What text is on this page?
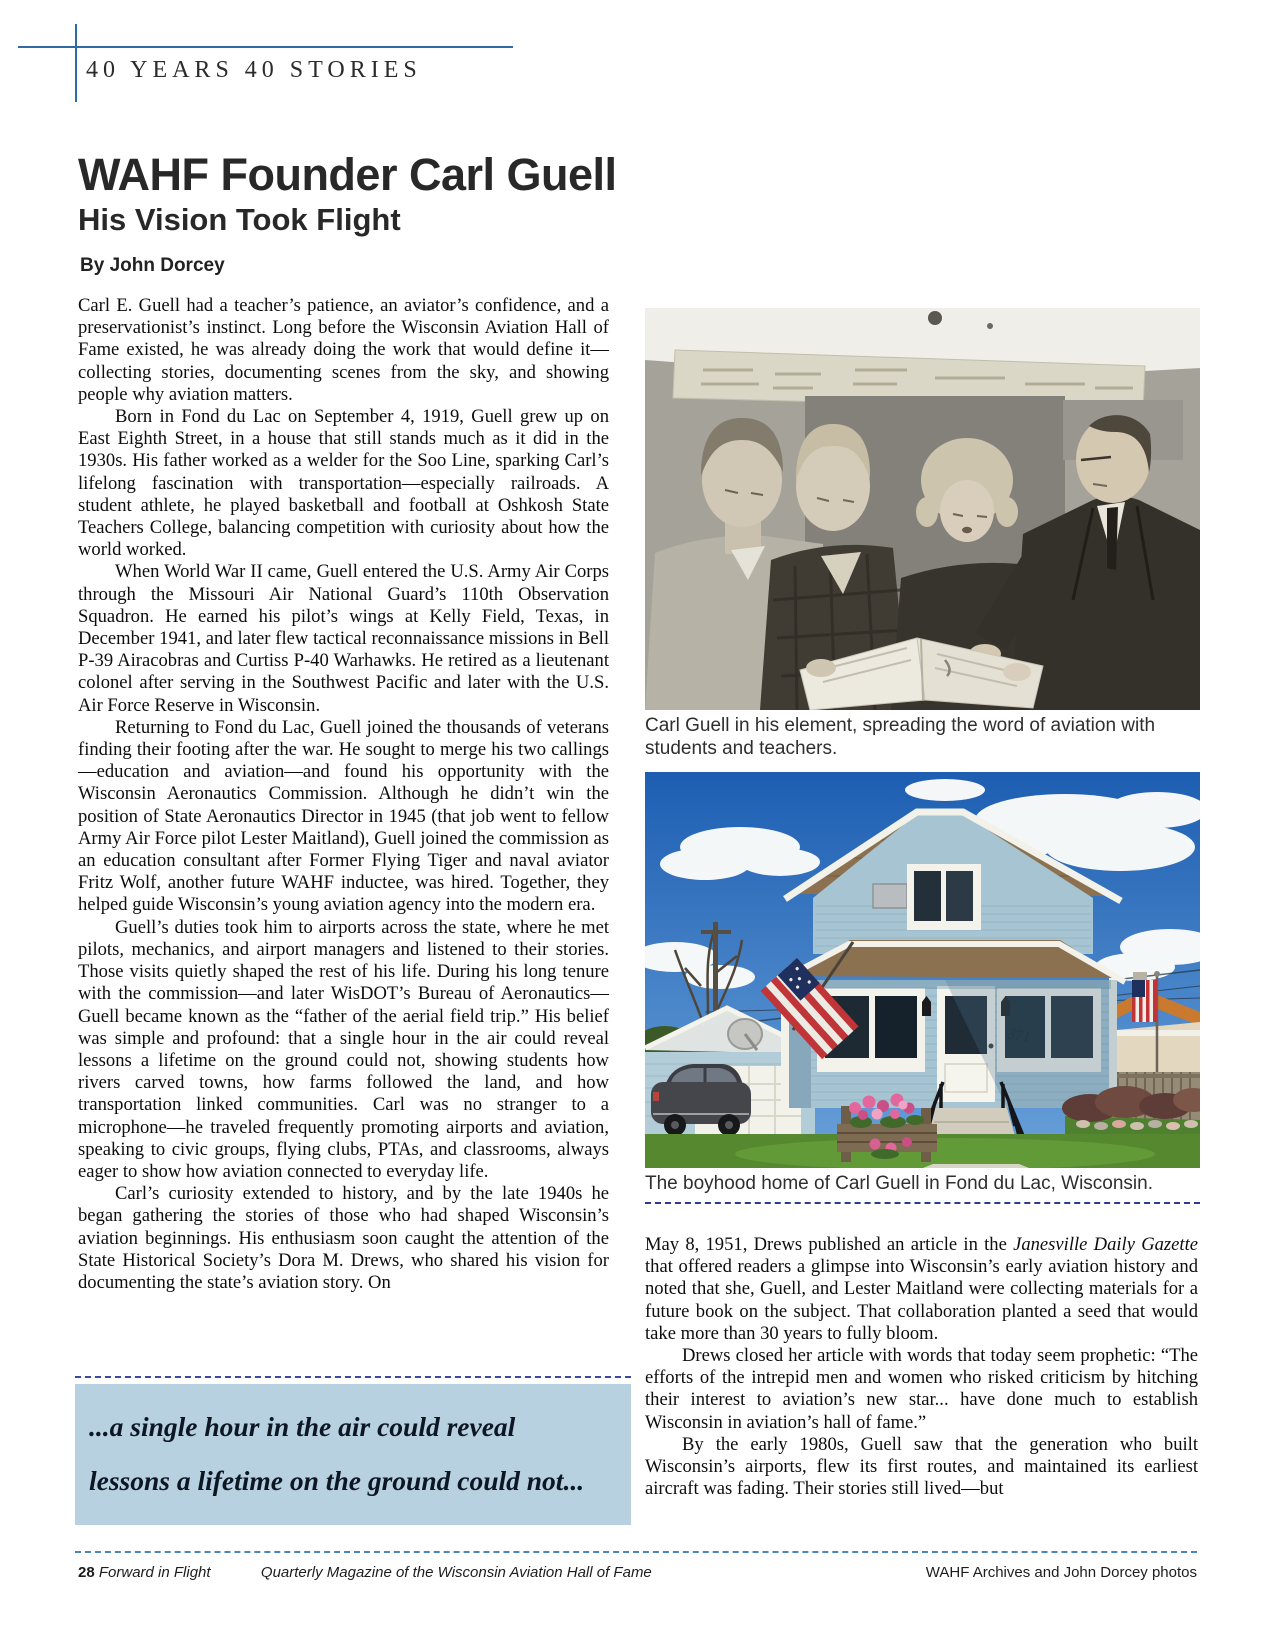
40 YEARS 40 STORIES
WAHF Founder Carl Guell
His Vision Took Flight
By John Dorcey

Carl E. Guell had a teacher’s patience, an aviator’s confidence, and a preservationist’s instinct. Long before the Wisconsin Aviation Hall of Fame existed, he was already doing the work that would define it—collecting stories, documenting scenes from the sky, and showing people why aviation matters.

Born in Fond du Lac on September 4, 1919, Guell grew up on East Eighth Street, in a house that still stands much as it did in the 1930s. His father worked as a welder for the Soo Line, sparking Carl’s lifelong fascination with transportation—especially railroads. A student athlete, he played basketball and football at Oshkosh State Teachers College, balancing competition with curiosity about how the world worked.

When World War II came, Guell entered the U.S. Army Air Corps through the Missouri Air National Guard’s 110th Observation Squadron. He earned his pilot’s wings at Kelly Field, Texas, in December 1941, and later flew tactical reconnaissance missions in Bell P-39 Airacobras and Curtiss P-40 Warhawks. He retired as a lieutenant colonel after serving in the Southwest Pacific and later with the U.S. Air Force Reserve in Wisconsin.

Returning to Fond du Lac, Guell joined the thousands of veterans finding their footing after the war. He sought to merge his two callings—education and aviation—and found his opportunity with the Wisconsin Aeronautics Commission. Although he didn’t win the position of State Aeronautics Director in 1945 (that job went to fellow Army Air Force pilot Lester Maitland), Guell joined the commission as an education consultant after Former Flying Tiger and naval aviator Fritz Wolf, another future WAHF inductee, was hired. Together, they helped guide Wisconsin’s young aviation agency into the modern era.

Guell’s duties took him to airports across the state, where he met pilots, mechanics, and airport managers and listened to their stories. Those visits quietly shaped the rest of his life. During his long tenure with the commission—and later WisDOT’s Bureau of Aeronautics—Guell became known as the “father of the aerial field trip.” His belief was simple and profound: that a single hour in the air could reveal lessons a lifetime on the ground could not, showing students how rivers carved towns, how farms followed the land, and how transportation linked communities. Carl was no stranger to a microphone—he traveled frequently promoting airports and aviation, speaking to civic groups, flying clubs, PTAs, and classrooms, always eager to show how aviation connected to everyday life.

Carl’s curiosity extended to history, and by the late 1940s he began gathering the stories of those who had shaped Wisconsin’s aviation beginnings. His enthusiasm soon caught the attention of the State Historical Society’s Dora M. Drews, who shared his vision for documenting the state’s aviation story. On

...a single hour in the air could reveal
lessons a lifetime on the ground could not...
Carl Guell in his element, spreading the word of aviation with students and teachers.
371
The boyhood home of Carl Guell in Fond du Lac, Wisconsin.

May 8, 1951, Drews published an article in the Janesville Daily Gazette that offered readers a glimpse into Wisconsin’s early aviation history and noted that she, Guell, and Lester Maitland were collecting materials for a future book on the subject. That collaboration planted a seed that would take more than 30 years to fully bloom.

Drews closed her article with words that today seem prophetic: “The efforts of the intrepid men and women who risked criticism by hitching their interest to aviation’s new star... have done much to establish Wisconsin in aviation’s hall of fame.”

By the early 1980s, Guell saw that the generation who built Wisconsin’s airports, flew its first routes, and maintained its earliest aircraft was fading. Their stories still lived—but

28 Forward in Flight	Quarterly Magazine of the Wisconsin Aviation Hall of Fame	WAHF Archives and John Dorcey photos
